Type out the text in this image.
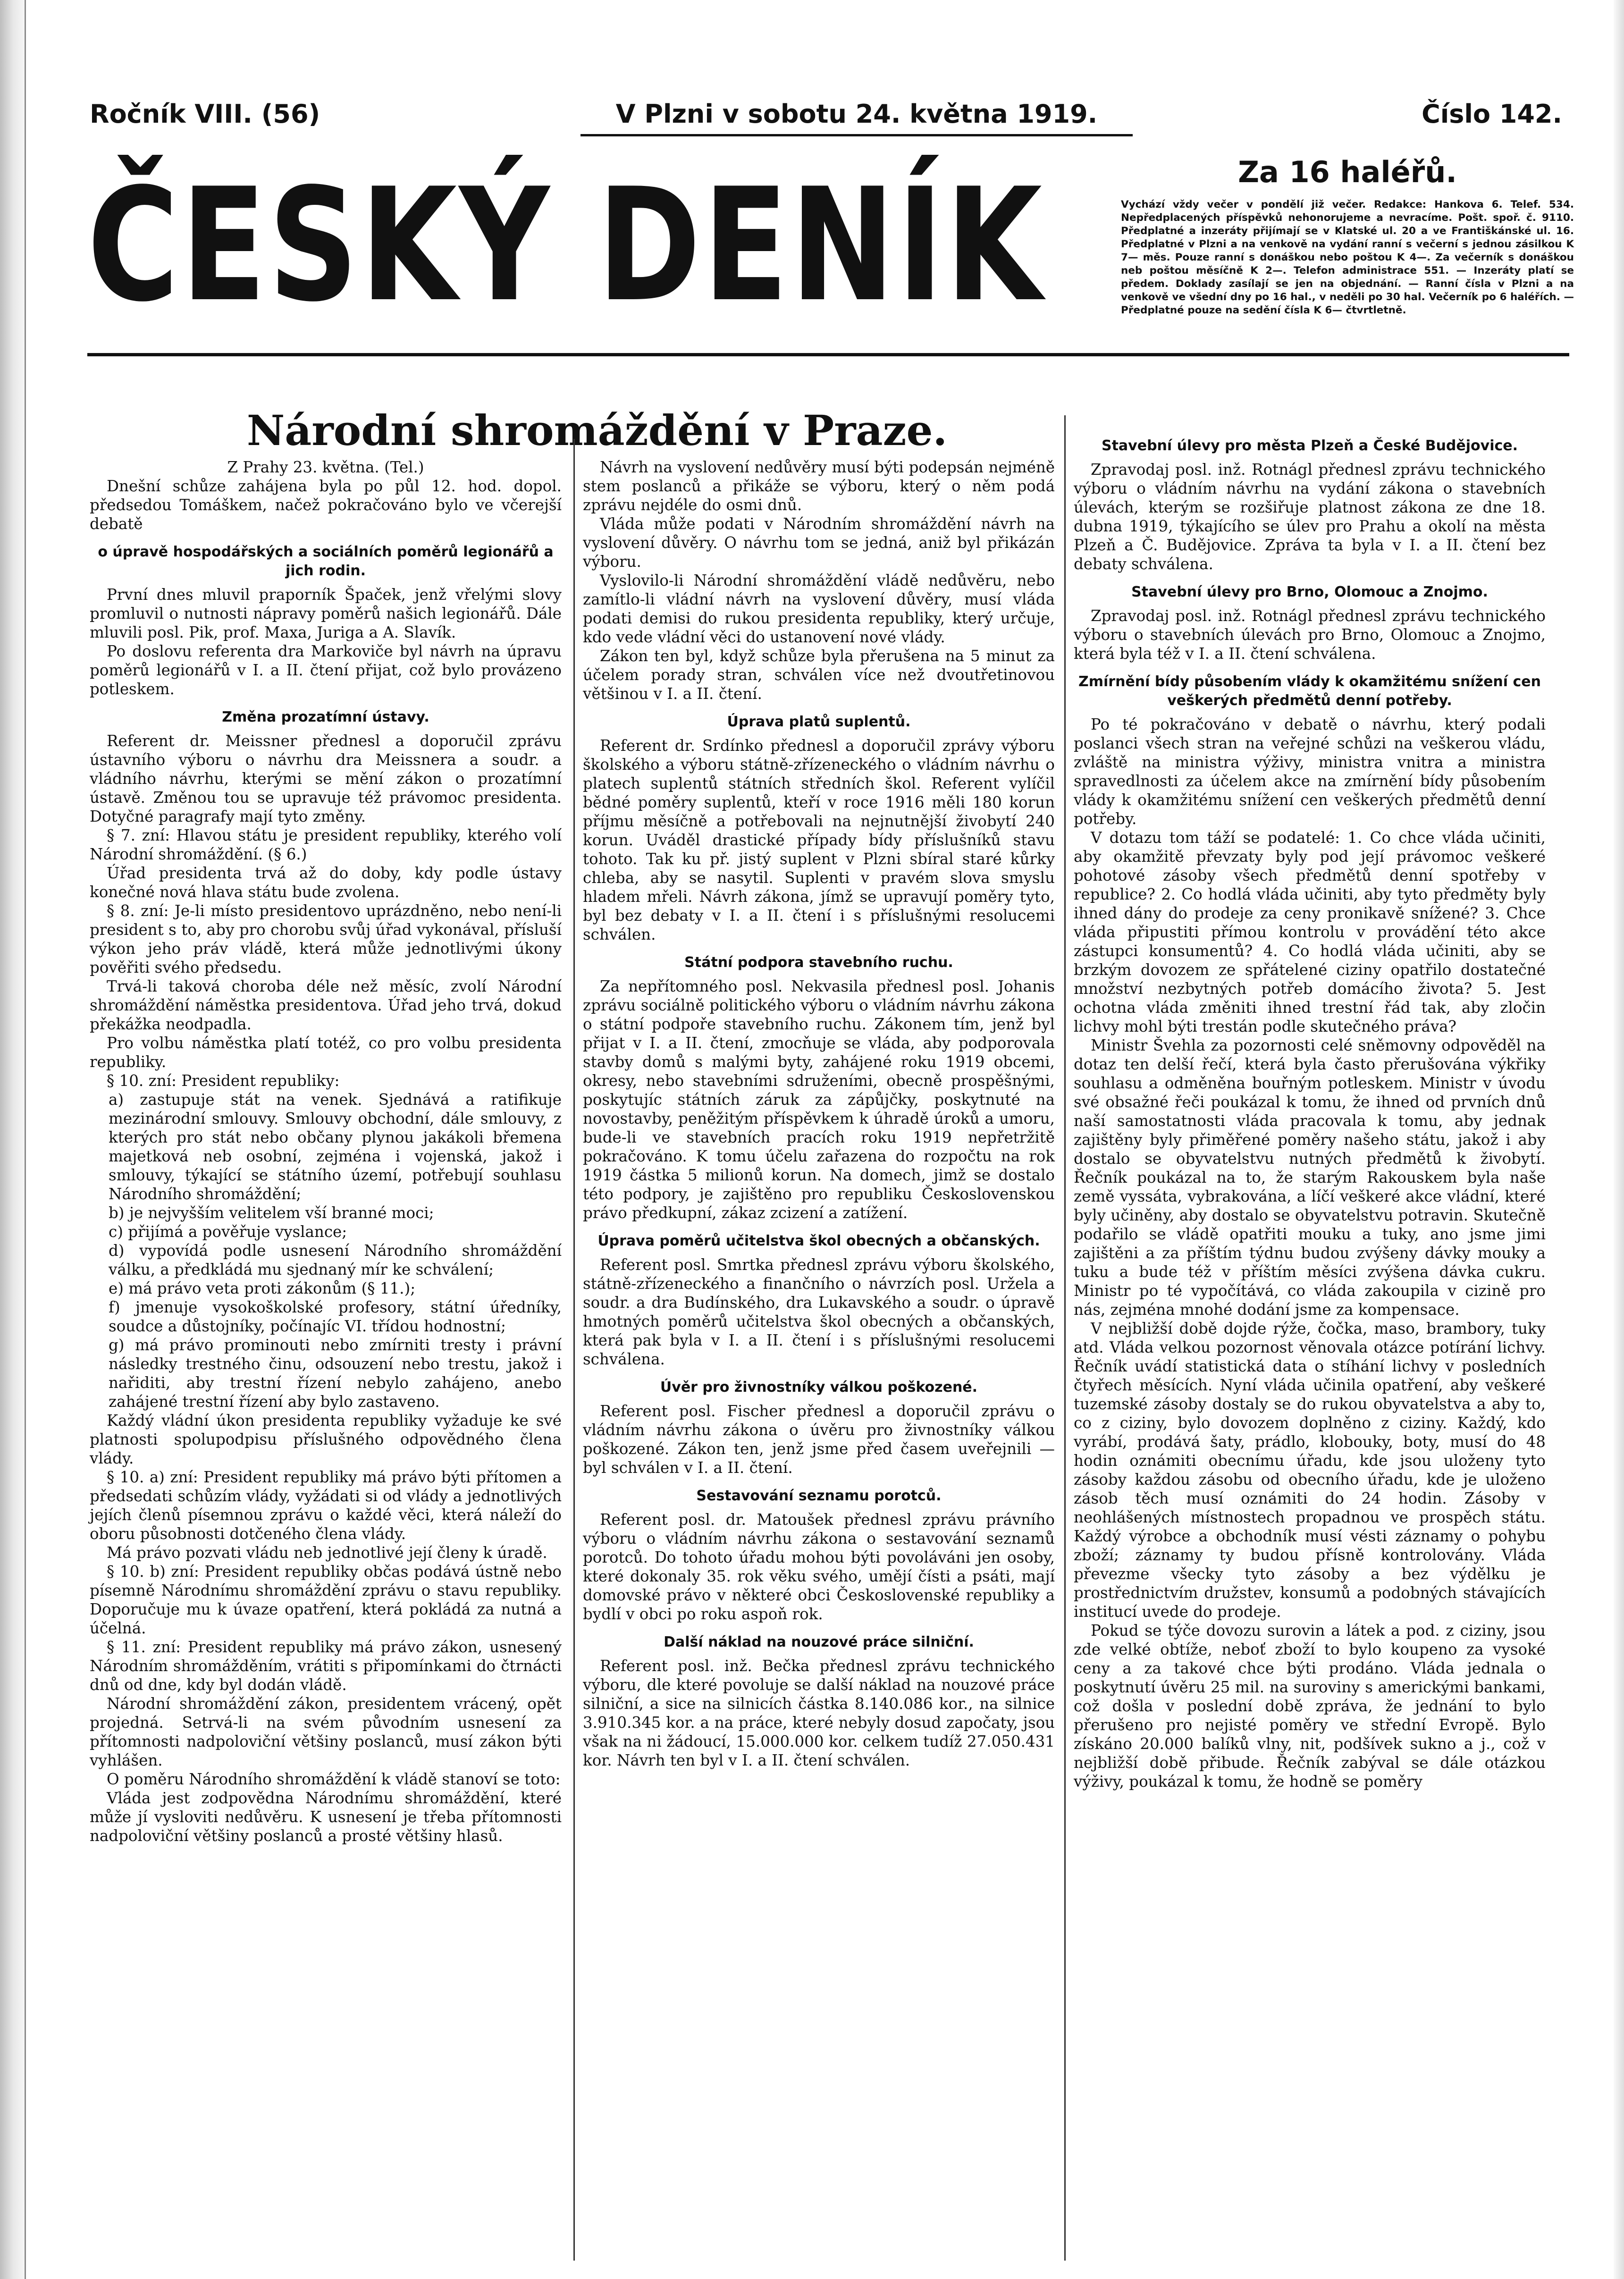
Ročník VIII. (56)	V Plzni v sobotu 24. května 1919.	Číslo 142.
ČESKÝ DENÍK	Za 16 haléřů.
Vychází vždy večer v pondělí již večer. Redakce: Hankova 6. Telef. 534. Nepředplacených příspěvků nehonorujeme a nevracíme. Pošt. spoř. č. 9110. Předplatné a inzeráty přijímají se v Klatské ul. 20 a ve Františkánské ul. 16. Předplatné v Plzni a na venkově na vydání ranní s večerní s jednou zásilkou K 7— měs. Pouze ranní s donáškou nebo poštou K 4—. Za večerník s donáškou neb poštou měsíčně K 2—. Telefon administrace 551. — Inzeráty platí se předem. Doklady zasílají se jen na objednání. — Ranní čísla v Plzni a na venkově ve všední dny po 16 hal., v neděli po 30 hal. Večerník po 6 haléřích. — Předplatné pouze na sedění čísla K 6— čtvrtletně.
Národní shromáždění v Praze.

Z Prahy 23. května. (Tel.)

Dnešní schůze zahájena byla po půl 12. hod. dopol. předsedou Tomáškem, načež pokračováno bylo ve včerejší debatě

o úpravě hospodářských a sociálních poměrů legionářů a jich rodin.

První dnes mluvil praporník Špaček, jenž vřelými slovy promluvil o nutnosti nápravy poměrů našich legionářů. Dále mluvili posl. Pik, prof. Maxa, Juriga a A. Slavík.

Po doslovu referenta dra Markoviče byl návrh na úpravu poměrů legionářů v I. a II. čtení přijat, což bylo provázeno potleskem.

Změna prozatímní ústavy.

Referent dr. Meissner přednesl a doporučil zprávu ústavního výboru o návrhu dra Meissnera a soudr. a vládního návrhu, kterými se mění zákon o prozatímní ústavě. Změnou tou se upravuje též právomoc presidenta. Dotyčné paragrafy mají tyto změny.

§ 7. zní: Hlavou státu je president republiky, kterého volí Národní shromáždění. (§ 6.)

Úřad presidenta trvá až do doby, kdy podle ústavy konečné nová hlava státu bude zvolena.

§ 8. zní: Je-li místo presidentovo uprázdněno, nebo není-li president s to, aby pro chorobu svůj úřad vykonával, přísluší výkon jeho práv vládě, která může jednotlivými úkony pověřiti svého předsedu.

Trvá-li taková choroba déle než měsíc, zvolí Národní shromáždění náměstka presidentova. Úřad jeho trvá, dokud překážka neodpadla.

Pro volbu náměstka platí totéž, co pro volbu presidenta republiky.

§ 10. zní: President republiky:

a) zastupuje stát na venek. Sjednává a ratifikuje mezinárodní smlouvy. Smlouvy obchodní, dále smlouvy, z kterých pro stát nebo občany plynou jakákoli břemena majetková neb osobní, zejména i vojenská, jakož i smlouvy, týkající se státního území, potřebují souhlasu Národního shromáždění;

b) je nejvyšším velitelem vší branné moci;

c) přijímá a pověřuje vyslance;

d) vypovídá podle usnesení Národního shromáždění válku, a předkládá mu sjednaný mír ke schválení;

e) má právo veta proti zákonům (§ 11.);

f) jmenuje vysokoškolské profesory, státní úředníky, soudce a důstojníky, počínajíc VI. třídou hodnostní;

g) má právo prominouti nebo zmírniti tresty i právní následky trestného činu, odsouzení nebo trestu, jakož i nařiditi, aby trestní řízení nebylo zahájeno, anebo zahájené trestní řízení aby bylo zastaveno.

Každý vládní úkon presidenta republiky vyžaduje ke své platnosti spolupodpisu příslušného odpovědného člena vlády.

§ 10. a) zní: President republiky má právo býti přítomen a předsedati schůzím vlády, vyžádati si od vlády a jednotlivých jejích členů písemnou zprávu o každé věci, která náleží do oboru působnosti dotčeného člena vlády.

Má právo pozvati vládu neb jednotlivé její členy k úradě.

§ 10. b) zní: President republiky občas podává ústně nebo písemně Národnímu shromáždění zprávu o stavu republiky. Doporučuje mu k úvaze opatření, která pokládá za nutná a účelná.

§ 11. zní: President republiky má právo zákon, usnesený Národním shromážděním, vrátiti s připomínkami do čtrnácti dnů od dne, kdy byl dodán vládě.

Národní shromáždění zákon, presidentem vrácený, opět projedná. Setrvá-li na svém původním usnesení za přítomnosti nadpoloviční většiny poslanců, musí zákon býti vyhlášen.

O poměru Národního shromáždění k vládě stanoví se toto:

Vláda jest zodpovědna Národnímu shromáždění, které může jí vysloviti nedůvěru. K usnesení je třeba přítomnosti nadpoloviční většiny poslanců a prosté většiny hlasů.

Návrh na vyslovení nedůvěry musí býti podepsán nejméně stem poslanců a přikáže se výboru, který o něm podá zprávu nejdéle do osmi dnů.

Vláda může podati v Národním shromáždění návrh na vyslovení důvěry. O návrhu tom se jedná, aniž byl přikázán výboru.

Vyslovilo-li Národní shromáždění vládě nedůvěru, nebo zamítlo-li vládní návrh na vyslovení důvěry, musí vláda podati demisi do rukou presidenta republiky, který určuje, kdo vede vládní věci do ustanovení nové vlády.

Zákon ten byl, když schůze byla přerušena na 5 minut za účelem porady stran, schválen více než dvoutřetinovou většinou v I. a II. čtení.

Úprava platů suplentů.

Referent dr. Srdínko přednesl a doporučil zprávy výboru školského a výboru státně-zřízeneckého o vládním návrhu o platech suplentů státních středních škol. Referent vylíčil bědné poměry suplentů, kteří v roce 1916 měli 180 korun příjmu měsíčně a potřebovali na nejnutnější živobytí 240 korun. Uváděl drastické případy bídy příslušníků stavu tohoto. Tak ku př. jistý suplent v Plzni sbíral staré kůrky chleba, aby se nasytil. Suplenti v pravém slova smyslu hladem mřeli. Návrh zákona, jímž se upravují poměry tyto, byl bez debaty v I. a II. čtení i s příslušnými resolucemi schválen.

Státní podpora stavebního ruchu.

Za nepřítomného posl. Nekvasila přednesl posl. Johanis zprávu sociálně politického výboru o vládním návrhu zákona o státní podpoře stavebního ruchu. Zákonem tím, jenž byl přijat v I. a II. čtení, zmocňuje se vláda, aby podporovala stavby domů s malými byty, zahájené roku 1919 obcemi, okresy, nebo stavebními sdruženími, obecně prospěšnými, poskytujíc státních záruk za zápůjčky, poskytnuté na novostavby, peněžitým příspěvkem k úhradě úroků a umoru, bude-li ve stavebních pracích roku 1919 nepřetržitě pokračováno. K tomu účelu zařazena do rozpočtu na rok 1919 částka 5 milionů korun. Na domech, jimž se dostalo této podpory, je zajištěno pro republiku Československou právo předkupní, zákaz zcizení a zatížení.

Úprava poměrů učitelstva škol obecných a občanských.

Referent posl. Smrtka přednesl zprávu výboru školského, státně-zřízeneckého a finančního o návrzích posl. Uržela a soudr. a dra Budínského, dra Lukavského a soudr. o úpravě hmotných poměrů učitelstva škol obecných a občanských, která pak byla v I. a II. čtení i s příslušnými resolucemi schválena.

Úvěr pro živnostníky válkou poškozené.

Referent posl. Fischer přednesl a doporučil zprávu o vládním návrhu zákona o úvěru pro živnostníky válkou poškozené. Zákon ten, jenž jsme před časem uveřejnili — byl schválen v I. a II. čtení.

Sestavování seznamu porotců.

Referent posl. dr. Matoušek přednesl zprávu právního výboru o vládním návrhu zákona o sestavování seznamů porotců. Do tohoto úřadu mohou býti povoláváni jen osoby, které dokonaly 35. rok věku svého, umějí čísti a psáti, mají domovské právo v některé obci Československé republiky a bydlí v obci po roku aspoň rok.

Další náklad na nouzové práce silniční.

Referent posl. inž. Bečka přednesl zprávu technického výboru, dle které povoluje se další náklad na nouzové práce silniční, a sice na silnicích částka 8.140.086 kor., na silnice 3.910.345 kor. a na práce, které nebyly dosud započaty, jsou však na ni žádoucí, 15.000.000 kor. celkem tudíž 27.050.431 kor. Návrh ten byl v I. a II. čtení schválen.

Stavební úlevy pro města Plzeň a České Budějovice.

Zpravodaj posl. inž. Rotnágl přednesl zprávu technického výboru o vládním návrhu na vydání zákona o stavebních úlevách, kterým se rozšiřuje platnost zákona ze dne 18. dubna 1919, týkajícího se úlev pro Prahu a okolí na města Plzeň a Č. Budějovice. Zpráva ta byla v I. a II. čtení bez debaty schválena.

Stavební úlevy pro Brno, Olomouc a Znojmo.

Zpravodaj posl. inž. Rotnágl přednesl zprávu technického výboru o stavebních úlevách pro Brno, Olomouc a Znojmo, která byla též v I. a II. čtení schválena.

Zmírnění bídy působením vlády k okamžitému snížení cen veškerých předmětů denní potřeby.

Po té pokračováno v debatě o návrhu, který podali poslanci všech stran na veřejné schůzi na veškerou vládu, zvláště na ministra výživy, ministra vnitra a ministra spravedlnosti za účelem akce na zmírnění bídy působením vlády k okamžitému snížení cen veškerých předmětů denní potřeby.

V dotazu tom táží se podatelé: 1. Co chce vláda učiniti, aby okamžitě převzaty byly pod její právomoc veškeré pohotové zásoby všech předmětů denní spotřeby v republice? 2. Co hodlá vláda učiniti, aby tyto předměty byly ihned dány do prodeje za ceny pronikavě snížené? 3. Chce vláda připustiti přímou kontrolu v provádění této akce zástupci konsumentů? 4. Co hodlá vláda učiniti, aby se brzkým dovozem ze spřátelené ciziny opatřilo dostatečné množství nezbytných potřeb domácího života? 5. Jest ochotna vláda změniti ihned trestní řád tak, aby zločin lichvy mohl býti trestán podle skutečného práva?

Ministr Švehla za pozornosti celé sněmovny odpověděl na dotaz ten delší řečí, která byla často přerušována výkřiky souhlasu a odměněna bouřným potleskem. Ministr v úvodu své obsažné řeči poukázal k tomu, že ihned od prvních dnů naší samostatnosti vláda pracovala k tomu, aby jednak zajištěny byly přiměřené poměry našeho státu, jakož i aby dostalo se obyvatelstvu nutných předmětů k živobytí. Řečník poukázal na to, že starým Rakouskem byla naše země vyssáta, vybrakována, a líčí veškeré akce vládní, které byly učiněny, aby dostalo se obyvatelstvu potravin. Skutečně podařilo se vládě opatřiti mouku a tuky, ano jsme jimi zajištěni a za příštím týdnu budou zvýšeny dávky mouky a tuku a bude též v příštím měsíci zvýšena dávka cukru. Ministr po té vypočítává, co vláda zakoupila v cizině pro nás, zejména mnohé dodání jsme za kompensace.

V nejbližší době dojde rýže, čočka, maso, brambory, tuky atd. Vláda velkou pozornost věnovala otázce potírání lichvy. Řečník uvádí statistická data o stíhání lichvy v posledních čtyřech měsících. Nyní vláda učinila opatření, aby veškeré tuzemské zásoby dostaly se do rukou obyvatelstva a aby to, co z ciziny, bylo dovozem doplněno z ciziny. Každý, kdo vyrábí, prodává šaty, prádlo, klobouky, boty, musí do 48 hodin oznámiti obecnímu úřadu, kde jsou uloženy tyto zásoby každou zásobu od obecního úřadu, kde je uloženo zásob těch musí oznámiti do 24 hodin. Zásoby v neohlášených místnostech propadnou ve prospěch státu. Každý výrobce a obchodník musí vésti záznamy o pohybu zboží; záznamy ty budou přísně kontrolovány. Vláda převezme všecky tyto zásoby a bez výdělku je prostřednictvím družstev, konsumů a podobných stávajících institucí uvede do prodeje.

Pokud se týče dovozu surovin a látek a pod. z ciziny, jsou zde velké obtíže, neboť zboží to bylo koupeno za vysoké ceny a za takové chce býti prodáno. Vláda jednala o poskytnutí úvěru 25 mil. na suroviny s americkými bankami, což došla v poslední době zpráva, že jednání to bylo přerušeno pro nejisté poměry ve střední Evropě. Bylo získáno 20.000 balíků vlny, nit, podšívek sukno a j., což v nejbližší době přibude. Řečník zabýval se dále otázkou výživy, poukázal k tomu, že hodně se poměry
